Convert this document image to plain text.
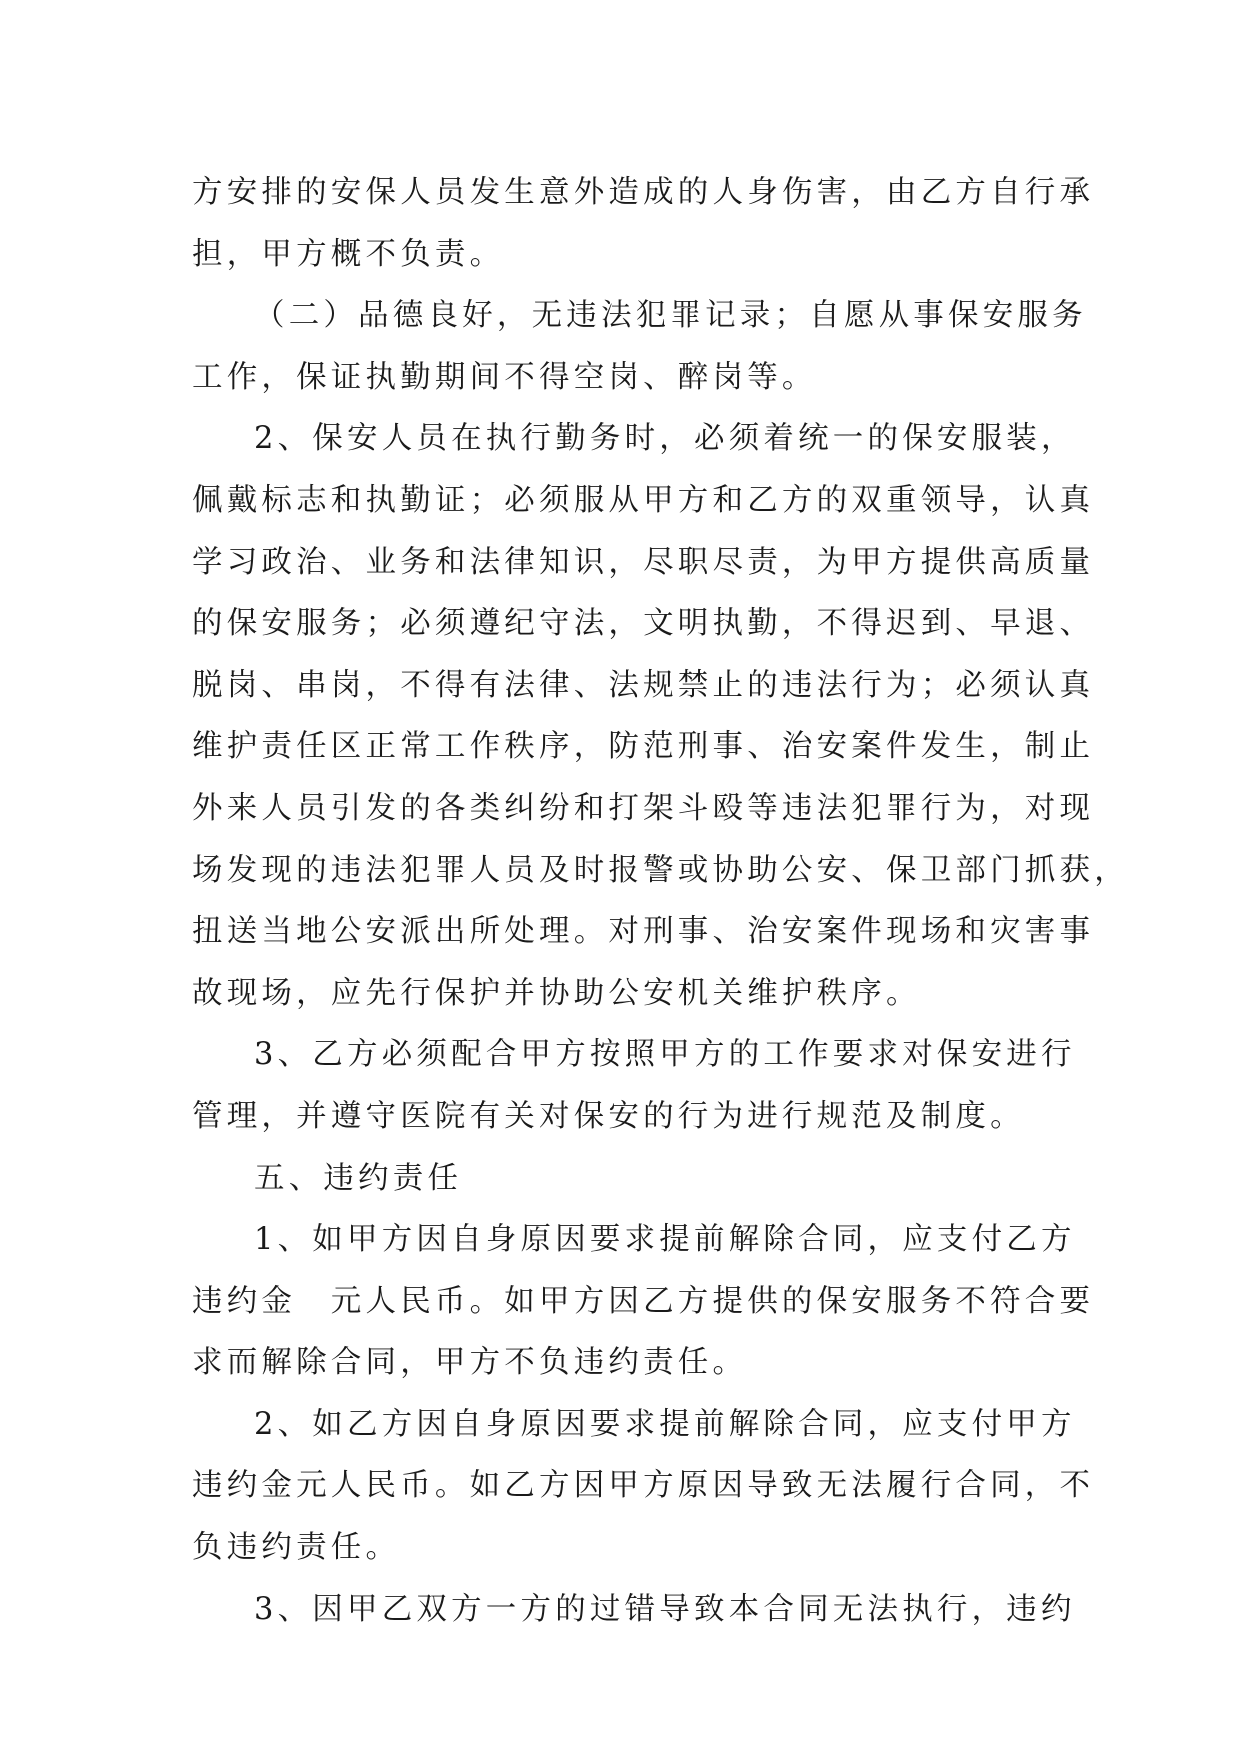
方安排的安保人员发生意外造成的人身伤害，由乙方自行承
担，甲方概不负责。
（二）品德良好，无违法犯罪记录；自愿从事保安服务
工作，保证执勤期间不得空岗、醉岗等。
2、保安人员在执行勤务时，必须着统一的保安服装，
佩戴标志和执勤证；必须服从甲方和乙方的双重领导，认真
学习政治、业务和法律知识，尽职尽责，为甲方提供高质量
的保安服务；必须遵纪守法，文明执勤，不得迟到、早退、
脱岗、串岗，不得有法律、法规禁止的违法行为；必须认真
维护责任区正常工作秩序，防范刑事、治安案件发生，制止
外来人员引发的各类纠纷和打架斗殴等违法犯罪行为，对现
场发现的违法犯罪人员及时报警或协助公安、保卫部门抓获，
扭送当地公安派出所处理。对刑事、治安案件现场和灾害事
故现场，应先行保护并协助公安机关维护秩序。
3、乙方必须配合甲方按照甲方的工作要求对保安进行
管理，并遵守医院有关对保安的行为进行规范及制度。
五、违约责任
1、如甲方因自身原因要求提前解除合同，应支付乙方
违约金　元人民币。如甲方因乙方提供的保安服务不符合要
求而解除合同，甲方不负违约责任。
2、如乙方因自身原因要求提前解除合同，应支付甲方
违约金元人民币。如乙方因甲方原因导致无法履行合同，不
负违约责任。
3、因甲乙双方一方的过错导致本合同无法执行，违约
